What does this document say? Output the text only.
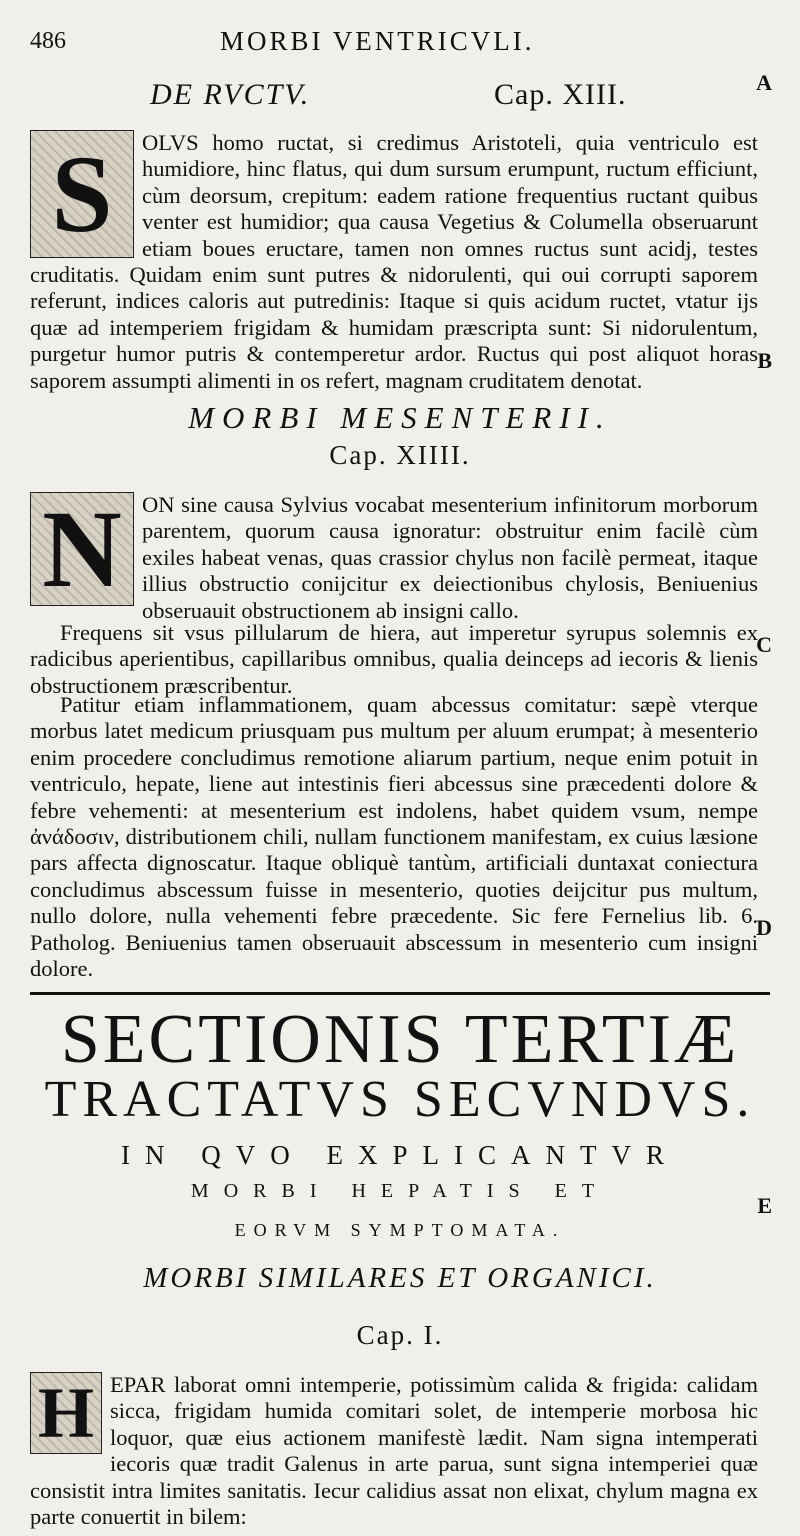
486	MORBI VENTRICVLI.
A
B
C
D
E
DE RVCTV.	Cap. XIII.
S	OLVS homo ructat, si credimus Aristoteli, quia ventriculo est humidiore, hinc flatus, qui dum sursum erumpunt, ructum efficiunt, cùm deorsum, crepitum: eadem ratione frequentius ructant quibus venter est humidior; qua causa Vegetius & Columella obseruarunt etiam boues eructare, tamen non omnes ructus sunt acidj, testes cruditatis. Quidam enim sunt putres & nidorulenti, qui oui corrupti saporem referunt, indices caloris aut putredinis: Itaque si quis acidum ructet, vtatur ijs quæ ad intemperiem frigidam & humidam præscripta sunt: Si nidorulentum, purgetur humor putris & contemperetur ardor. Ructus qui post aliquot horas saporem assumpti alimenti in os refert, magnam cruditatem denotat.
MORBI MESENTERII.
Cap. XIIII.
N ON sine causa Sylvius vocabat mesenterium infinitorum morborum parentem, quorum causa ignoratur: obstruitur enim facilè cùm exiles habeat venas, quas crassior chylus non facilè permeat, itaque illius obstructio conijcitur ex deiectionibus chylosis, Beniuenius obseruauit obstructionem ab insigni callo.
Frequens sit vsus pillularum de hiera, aut imperetur syrupus solemnis ex radicibus aperientibus, capillaribus omnibus, qualia deinceps ad iecoris & lienis obstructionem præscribentur.
Patitur etiam inflammationem, quam abcessus comitatur: sæpè vterque morbus latet medicum priusquam pus multum per aluum erumpat; à mesenterio enim procedere concludimus remotione aliarum partium, neque enim potuit in ventriculo, hepate, liene aut intestinis fieri abcessus sine præcedenti dolore & febre vehementi: at mesenterium est indolens, habet quidem vsum, nempe ἀνάδοσιν, distributionem chili, nullam functionem manifestam, ex cuius læsione pars affecta dignoscatur. Itaque obliquè tantùm, artificiali duntaxat coniectura concludimus abscessum fuisse in mesenterio, quoties deijcitur pus multum, nullo dolore, nulla vehementi febre præcedente. Sic fere Fernelius lib. 6. Patholog. Beniuenius tamen obseruauit abscessum in mesenterio cum insigni dolore.
SECTIONIS TERTIÆ
TRACTATVS SECVNDVS.
IN QVO EXPLICANTVR
MORBI HEPATIS ET
EORVM SYMPTOMATA.
MORBI SIMILARES ET ORGANICI.
Cap. I.
H EPAR laborat omni intemperie, potissimùm calida & frigida: calidam sicca, frigidam humida comitari solet, de intemperie morbosa hic loquor, quæ eius actionem manifestè lædit. Nam signa intemperati iecoris quæ tradit Galenus in arte parua, sunt signa intemperiei quæ consistit intra limites sanitatis. Iecur calidius assat non elixat, chylum magna ex parte conuertit in bilem:
